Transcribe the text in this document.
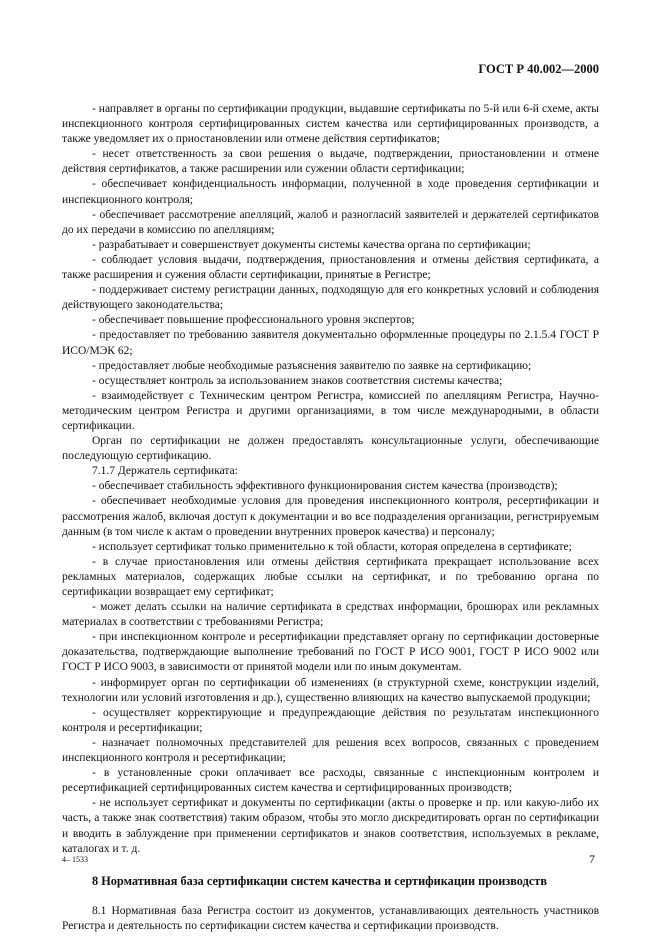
ГОСТ Р 40.002—2000

- направляет в органы по сертификации продукции, выдавшие сертификаты по 5-й или 6-й схеме, акты инспекционного контроля сертифицированных систем качества или сертифицированных производств, а также уведомляет их о приостановлении или отмене действия сертификатов;

- несет ответственность за свои решения о выдаче, подтверждении, приостановлении и отмене действия сертификатов, а также расширении или сужении области сертификации;

- обеспечивает конфиденциальность информации, полученной в ходе проведения сертификации и инспекционного контроля;

- обеспечивает рассмотрение апелляций, жалоб и разногласий заявителей и держателей сертификатов до их передачи в комиссию по апелляциям;

- разрабатывает и совершенствует документы системы качества органа по сертификации;

- соблюдает условия выдачи, подтверждения, приостановления и отмены действия сертификата, а также расширения и сужения области сертификации, принятые в Регистре;

- поддерживает систему регистрации данных, подходящую для его конкретных условий и соблюдения действующего законодательства;

- обеспечивает повышение профессионального уровня экспертов;

- предоставляет по требованию заявителя документально оформленные процедуры по 2.1.5.4 ГОСТ Р ИСО/МЭК 62;

- предоставляет любые необходимые разъяснения заявителю по заявке на сертификацию;

- осуществляет контроль за использованием знаков соответствия системы качества;

- взаимодействует с Техническим центром Регистра, комиссией по апелляциям Регистра, Научно-методическим центром Регистра и другими организациями, в том числе международными, в области сертификации.

Орган по сертификации не должен предоставлять консультационные услуги, обеспечивающие последующую сертификацию.

7.1.7 Держатель сертификата:

- обеспечивает стабильность эффективного функционирования систем качества (производств);

- обеспечивает необходимые условия для проведения инспекционного контроля, ресертификации и рассмотрения жалоб, включая доступ к документации и во все подразделения организации, регистрируемым данным (в том числе к актам о проведении внутренних проверок качества) и персоналу;

- использует сертификат только применительно к той области, которая определена в сертификате;

- в случае приостановления или отмены действия сертификата прекращает использование всех рекламных материалов, содержащих любые ссылки на сертификат, и по требованию органа по сертификации возвращает ему сертификат;

- может делать ссылки на наличие сертификата в средствах информации, брошюрах или рекламных материалах в соответствии с требованиями Регистра;

- при инспекционном контроле и ресертификации представляет органу по сертификации достоверные доказательства, подтверждающие выполнение требований по ГОСТ Р ИСО 9001, ГОСТ Р ИСО 9002 или ГОСТ Р ИСО 9003, в зависимости от принятой модели или по иным документам.

- информирует орган по сертификации об изменениях (в структурной схеме, конструкции изделий, технологии или условий изготовления и др.), существенно влияющих на качество выпускаемой продукции;

- осуществляет корректирующие и предупреждающие действия по результатам инспекционного контроля и ресертификации;

- назначает полномочных представителей для решения всех вопросов, связанных с проведением инспекционного контроля и ресертификации;

- в установленные сроки оплачивает все расходы, связанные с инспекционным контролем и ресертификацией сертифицированных систем качества и сертифицированных производств;

- не использует сертификат и документы по сертификации (акты о проверке и пр. или какую-либо их часть, а также знак соответствия) таким образом, чтобы это могло дискредитировать орган по сертификации и вводить в заблуждение при применении сертификатов и знаков соответствия, используемых в рекламе, каталогах и т. д.

8 Нормативная база сертификации систем качества и сертификации производств

8.1 Нормативная база Регистра состоит из документов, устанавливающих деятельность участников Регистра и деятельность по сертификации систем качества и сертификации производств.

4– 1533	7
